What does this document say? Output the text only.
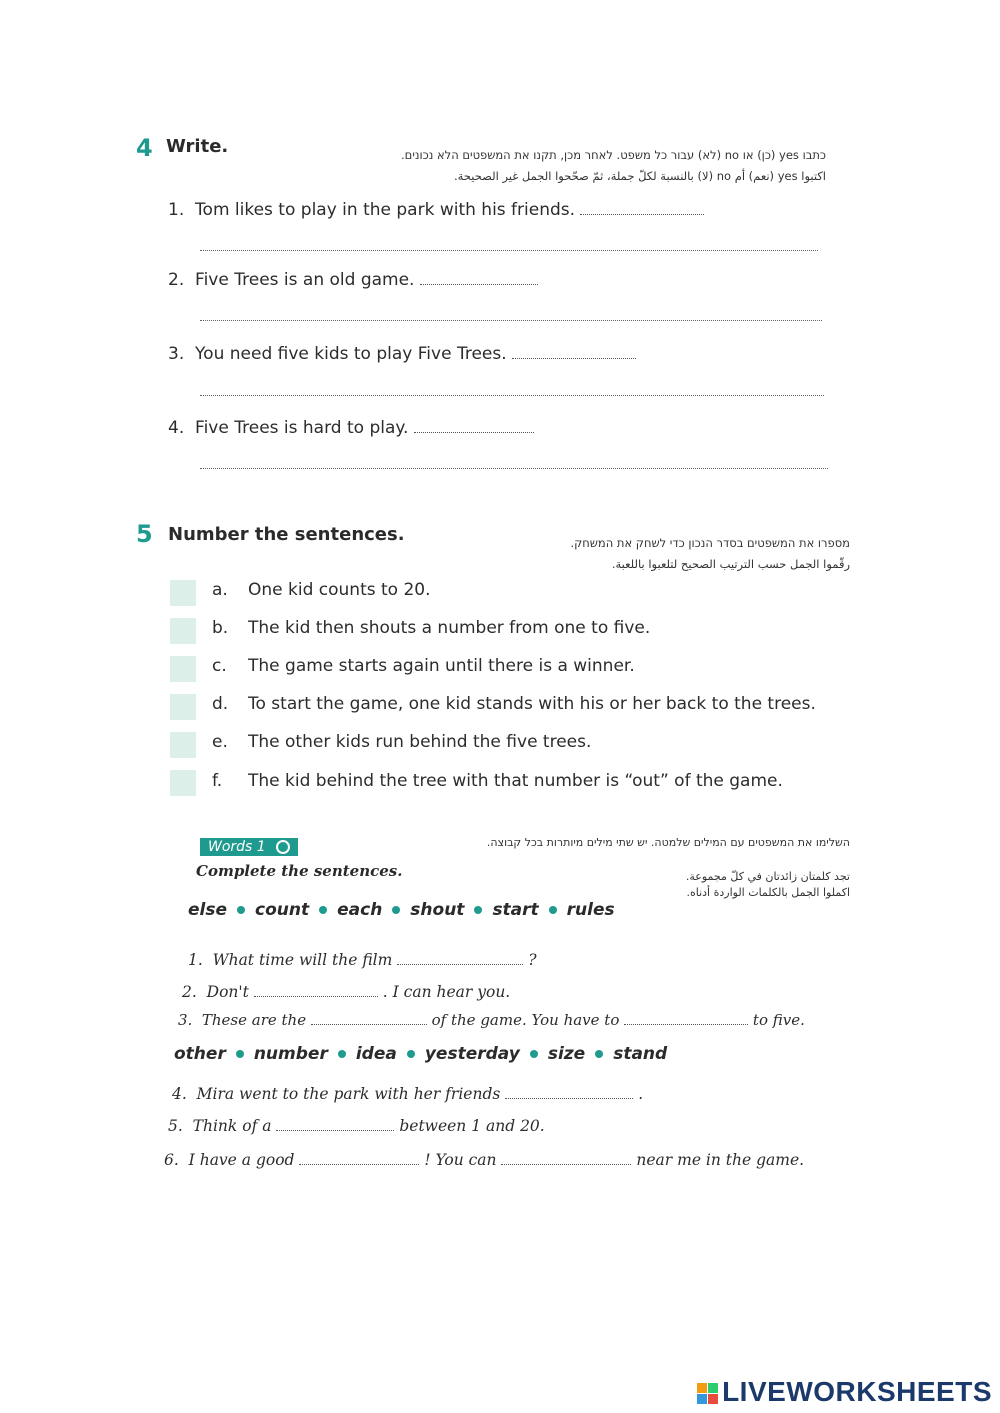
4 Write.	כתבו yes (כן) או no (לא) עבור כל משפט. לאחר מכן, תקנו את המשפטים הלא נכונים.
اكتبوا yes (نعم) أم no (لا) بالنسبة لكلّ جملة، ثمّ صحّحوا الجمل غير الصحيحة.
1. Tom likes to play in the park with his friends.
2. Five Trees is an old game.
3. You need five kids to play Five Trees.
4. Five Trees is hard to play.
5 Number the sentences.	מספרו את המשפטים בסדר הנכון כדי לשחק את המשחק.
رقّموا الجمل حسب الترتيب الصحيح لتلعبوا باللعبة.
a. One kid counts to 20.
b. The kid then shouts a number from one to five.
c. The game starts again until there is a winner.
d. To start the game, one kid stands with his or her back to the trees.
e. The other kids run behind the five trees.
f. The kid behind the tree with that number is “out” of the game.
Words 1
Complete the sentences.
השלימו את המשפטים עם המילים שלמטה. יש שתי מילים מיותרות בכל קבוצה.
تجد كلمتان زائدتان في كلّ مجموعة.
اكملوا الجمل بالكلمات الواردة أدناه.
else count each shout start rules
1. What time will the film	?
2. Don't	. I can hear you.
3. These are the	of the game. You have to	to five.
other number idea yesterday size stand
4. Mira went to the park with her friends	.
5. Think of a	between 1 and 20.
6. I have a good	! You can	near me in the game.
LIVEWORKSHEETS
